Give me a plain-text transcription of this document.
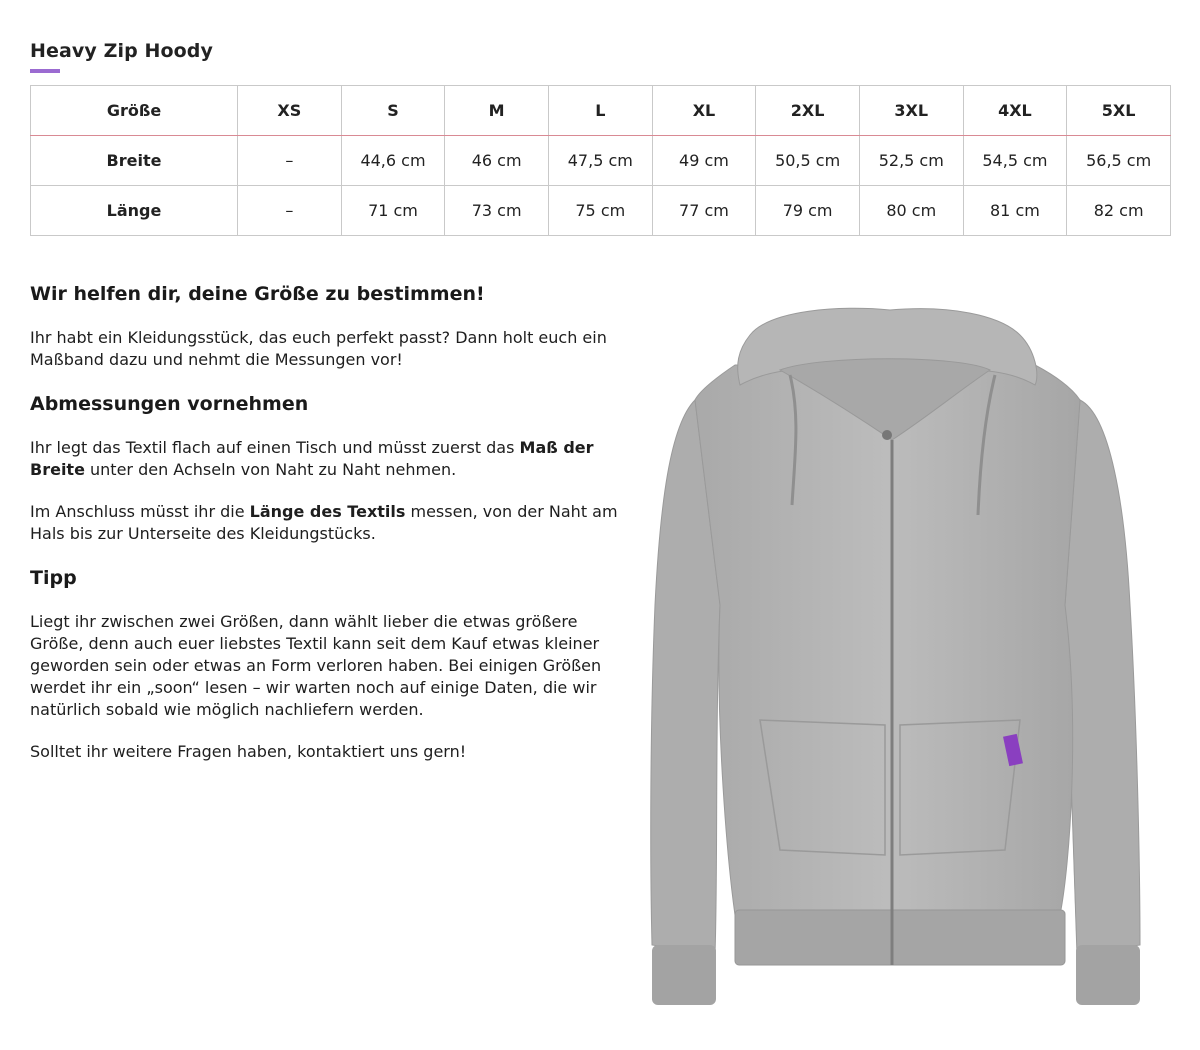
Heavy Zip Hoody
Größe	XS	S	M	L	XL	2XL	3XL	4XL	5XL
Breite	–	44,6 cm	46 cm	47,5 cm	49 cm	50,5 cm	52,5 cm	54,5 cm	56,5 cm
Länge	–	71 cm	73 cm	75 cm	77 cm	79 cm	80 cm	81 cm	82 cm
Wir helfen dir, deine Größe zu bestimmen!

Ihr habt ein Kleidungsstück, das euch perfekt passt? Dann holt euch ein Maßband dazu und nehmt die Messungen vor!

Abmessungen vornehmen

Ihr legt das Textil flach auf einen Tisch und müsst zuerst das Maß der Breite unter den Achseln von Naht zu Naht nehmen.

Im Anschluss müsst ihr die Länge des Textils messen, von der Naht am Hals bis zur Unterseite des Kleidungstücks.

Tipp

Liegt ihr zwischen zwei Größen, dann wählt lieber die etwas größere Größe, denn auch euer liebstes Textil kann seit dem Kauf etwas kleiner geworden sein oder etwas an Form verloren haben. Bei einigen Größen werdet ihr ein „soon“ lesen – wir warten noch auf einige Daten, die wir natürlich sobald wie möglich nachliefern werden.

Solltet ihr weitere Fragen haben, kontaktiert uns gern!
